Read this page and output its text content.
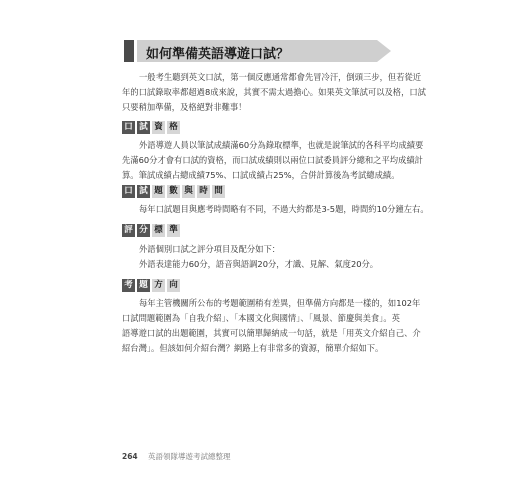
如何準備英語導遊口試？
一般考生聽到英文口試，第一個反應通常都會先冒冷汗，倒頭三步，但若從近
年的口試錄取率都超過8成來說，其實不需太過擔心。如果英文筆試可以及格，口試
只要稍加準備，及格絕對非難事！
口 試 資 格
外語導遊人員以筆試成績滿60分為錄取標準，也就是說筆試的各科平均成績要
先滿60分才會有口試的資格，而口試成績則以兩位口試委員評分總和之平均成績計
算。筆試成績占總成績75%、口試成績占25%，合併計算後為考試總成績。
口 試 題 數 與 時 間
每年口試題目與應考時間略有不同，不過大約都是3-5題，時間約10分鐘左右。
評 分 標 準
外語個別口試之評分項目及配分如下：
外語表達能力60分，語音與語調20分，才識、見解、氣度20分。
考 題 方 向
每年主管機關所公布的考題範圍稍有差異，但準備方向都是一樣的，如102年
口試問題範圍為「自我介紹」、「本國文化與國情」、「風景、節慶與美食」。英
語導遊口試的出題範圍，其實可以簡單歸納成一句話，就是「用英文介紹自己、介
紹台灣」。但該如何介紹台灣？網路上有非常多的資源，簡單介紹如下。
264 英語領隊導遊考試總整理
